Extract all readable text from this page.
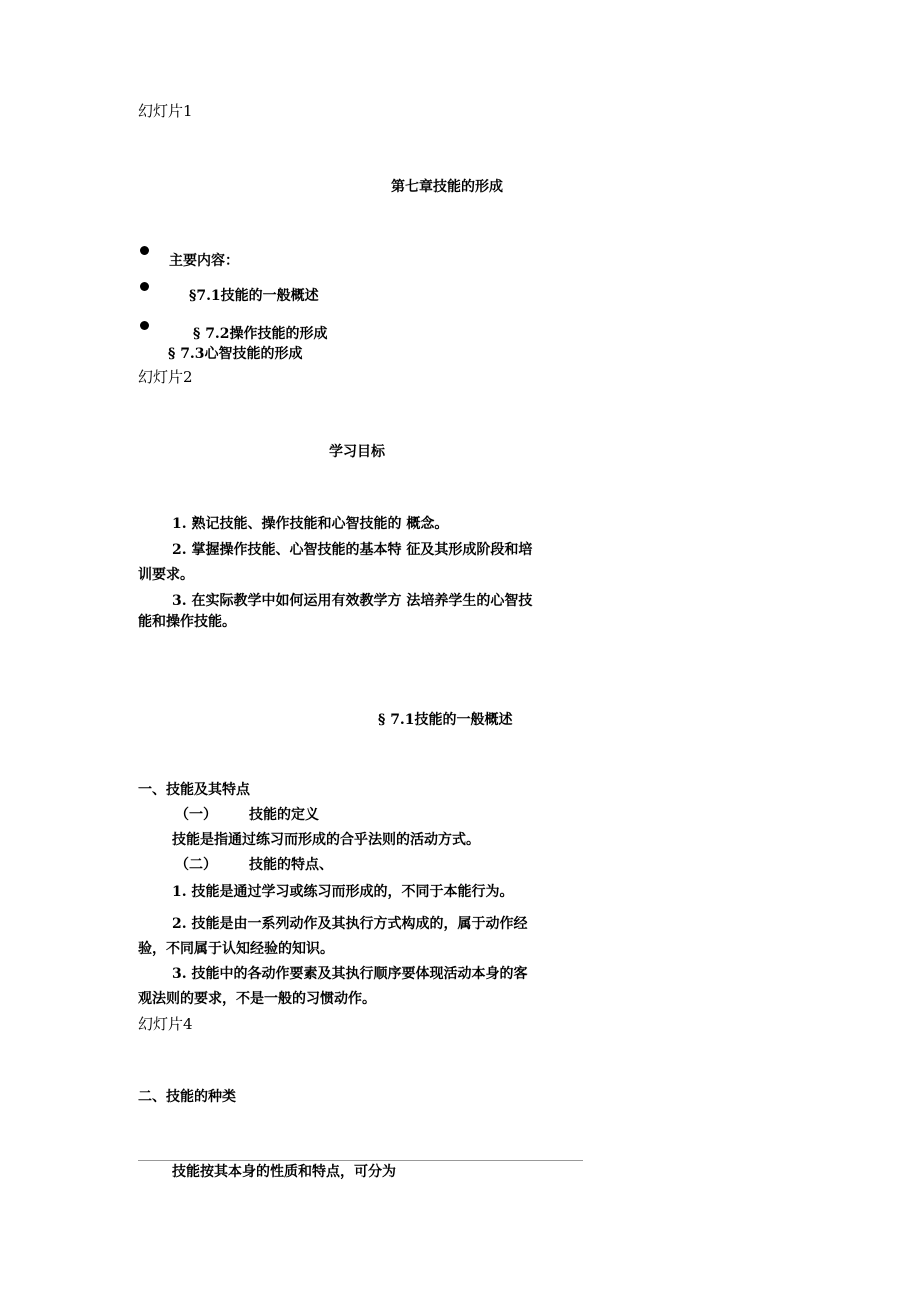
幻灯片1
第七章技能的形成
主要内容：
§7.1技能的一般概述
§ 7.2操作技能的形成
§ 7.3心智技能的形成
幻灯片2
学习目标
1. 熟记技能、操作技能和心智技能的 概念。
2. 掌握操作技能、心智技能的基本特 征及其形成阶段和培
训要求。
3. 在实际教学中如何运用有效教学方 法培养学生的心智技
能和操作技能。
§ 7.1技能的一般概述
一、技能及其特点
（一） 技能的定义
技能是指通过练习而形成的合乎法则的活动方式。
（二） 技能的特点、
1. 技能是通过学习或练习而形成的，不同于本能行为。
2. 技能是由一系列动作及其执行方式构成的，属于动作经
验，不同属于认知经验的知识。
3. 技能中的各动作要素及其执行顺序要体现活动本身的客
观法则的要求，不是一般的习惯动作。
幻灯片4
二、技能的种类
技能按其本身的性质和特点，可分为
